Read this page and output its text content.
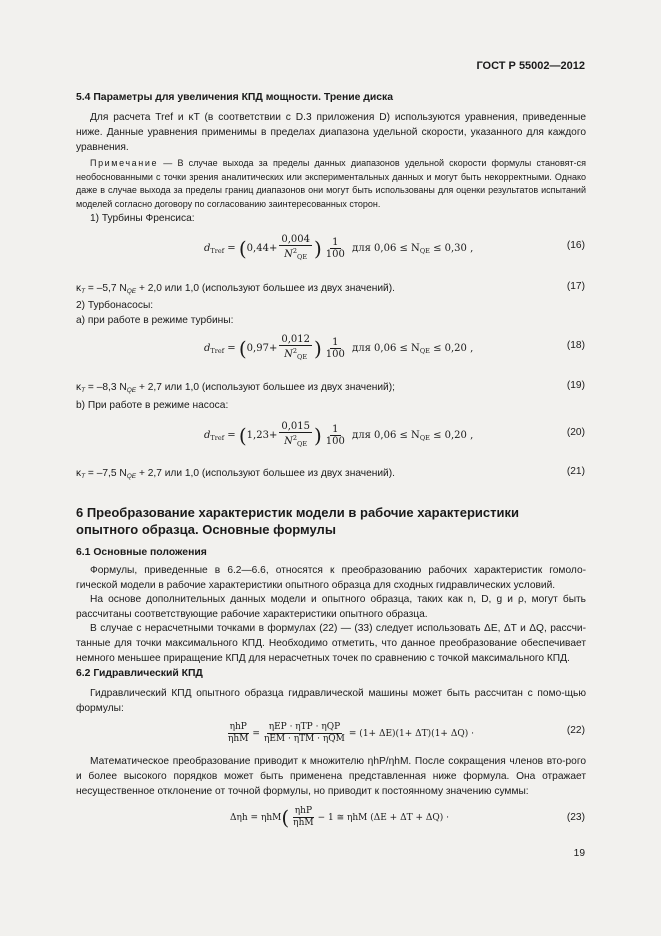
ГОСТ Р 55002—2012
5.4 Параметры для увеличения КПД мощности. Трение диска
Для расчета Tref и κT (в соответствии с D.3 приложения D) используются уравнения, приведенные ниже. Данные уравнения применимы в пределах диапазона удельной скорости, указанного для каждого уравнения.
Примечание — В случае выхода за пределы данных диапазонов удельной скорости формулы становят-ся необоснованными с точки зрения аналитических или экспериментальных данных и могут быть некорректными. Однако даже в случае выхода за пределы границ диапазонов они могут быть использованы для оценки результатов испытаний моделей согласно договору по согласованию заинтересованных сторон.
1) Турбины Френсиса:
$d_{Tref} = (0,44+ \frac{0,004}{N^2_{QE}}$ ) $\frac{1}{100}$ для $0,06 \le N_{QE} \le 0,30$ ,	(16)
$\kappa_T = -5,7$ $N_{QE} + 2,0$ или 1,0 (используют большее из двух значений).	(17)
2) Турбонасосы:
а) при работе в режиме турбины:
$d_{Tref} = (0,97+ \frac{0,012}{N^2_{QE}}$ ) $\frac{1}{100}$ для $0,06 \le N_{QE} \le 0,20$ ,	(18)
$\kappa_T = -8,3$ $N_{QE} + 2,7$ или 1,0 (используют большее из двух значений);	(19)
b) При работе в режиме насоса:
$d_{Tref} = (1,23+ \frac{0,015}{N^2_{QE}}$ ) $\frac{1}{100}$ для $0,06 \le N_{QE} \le 0,20$ ,	(20)
$\kappa_T = -7,5$ $N_{QE} + 2,7$ или 1,0 (используют большее из двух значений).	(21)
6 Преобразование характеристик модели в рабочие характеристики
опытного образца. Основные формулы
6.1 Основные положения
Формулы, приведенные в 6.2—6.6, относятся к преобразованию рабочих характеристик гомоло-гической модели в рабочие характеристики опытного образца для сходных гидравлических условий.
На основе дополнительных данных модели и опытного образца, таких как n, D, g и ρ, могут быть рассчитаны соответствующие рабочие характеристики опытного образца.
В случае с нерасчетными точками в формулах (22) — (33) следует использовать ΔE, ΔT и ΔQ, рассчи-танные для точки максимального КПД. Необходимо отметить, что данное преобразование обеспечивает немного меньшее приращение КПД для нерасчетных точек по сравнению с точкой максимального КПД.
6.2 Гидравлический КПД
Гидравлический КПД опытного образца гидравлической машины может быть рассчитан с помо-щью формулы:
$\frac{\text{ηhP}}{\text{ηhM}} = \frac{\text{ηEP · ηTP · ηQP}}{\text{ηEM · ηTM · ηQM}} = (1+ \Delta E)(1+ \Delta T)(1+ \Delta Q)$ ·	(22)
Математическое преобразование приводит к множителю ηhP/ηhM. После сокращения членов вто-рого и более высокого порядков может быть применена представленная ниже формула. Она отражает несущественное отклонение от точной формулы, но приводит к постоянному значению суммы:
$\Delta\eta h = \eta hM( \frac{\text{ηhP}}{\text{ηhM}} - 1$ ≅ ηhM (ΔE + ΔT + ΔQ) ·	(23)
19
